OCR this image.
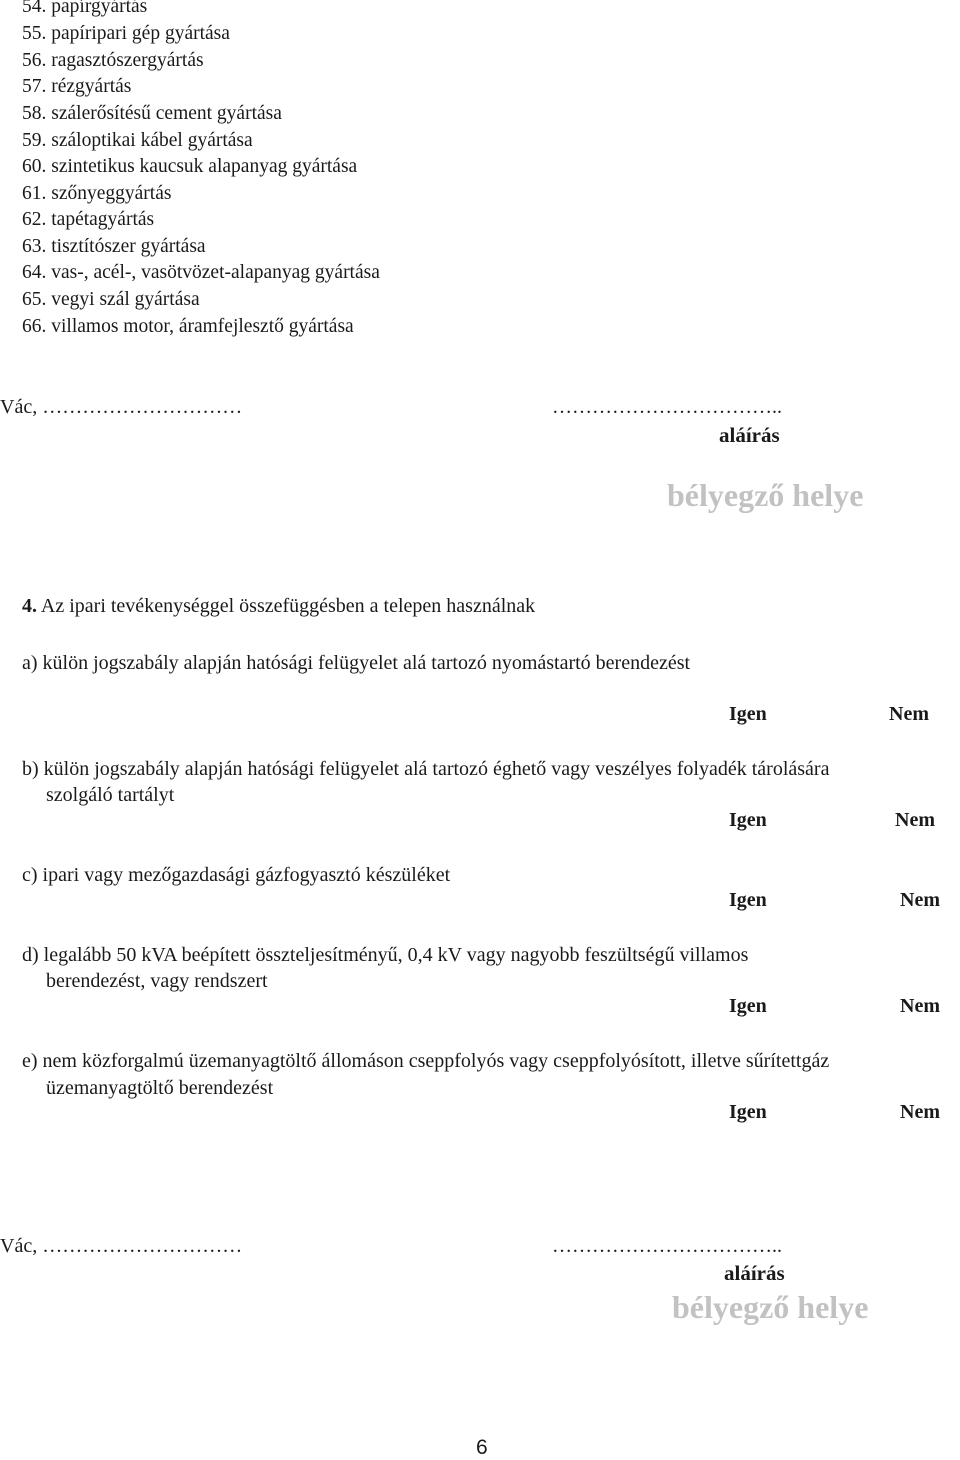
54. papírgyártás
55. papíripari gép gyártása
56. ragasztószergyártás
57. rézgyártás
58. szálerősítésű cement gyártása
59. száloptikai kábel gyártása
60. szintetikus kaucsuk alapanyag gyártása
61. szőnyeggyártás
62. tapétagyártás
63. tisztítószer gyártása
64. vas-, acél-, vasötvözet-alapanyag gyártása
65. vegyi szál gyártása
66. villamos motor, áramfejlesztő gyártása
Vác, …………………………	……………………………..
aláírás
bélyegző helye
4. Az ipari tevékenységgel összefüggésben a telepen használnak
a) külön jogszabály alapján hatósági felügyelet alá tartozó nyomástartó berendezést
Igen	Nem
b) külön jogszabály alapján hatósági felügyelet alá tartozó éghető vagy veszélyes folyadék tárolására
szolgáló tartályt
Igen	Nem
c) ipari vagy mezőgazdasági gázfogyasztó készüléket
Igen	Nem
d) legalább 50 kVA beépített összteljesítményű, 0,4 kV vagy nagyobb feszültségű villamos
berendezést, vagy rendszert
Igen	Nem
e) nem közforgalmú üzemanyagtöltő állomáson cseppfolyós vagy cseppfolyósított, illetve sűrítettgáz
üzemanyagtöltő berendezést
Igen	Nem
Vác, …………………………	……………………………..
aláírás
bélyegző helye
6
